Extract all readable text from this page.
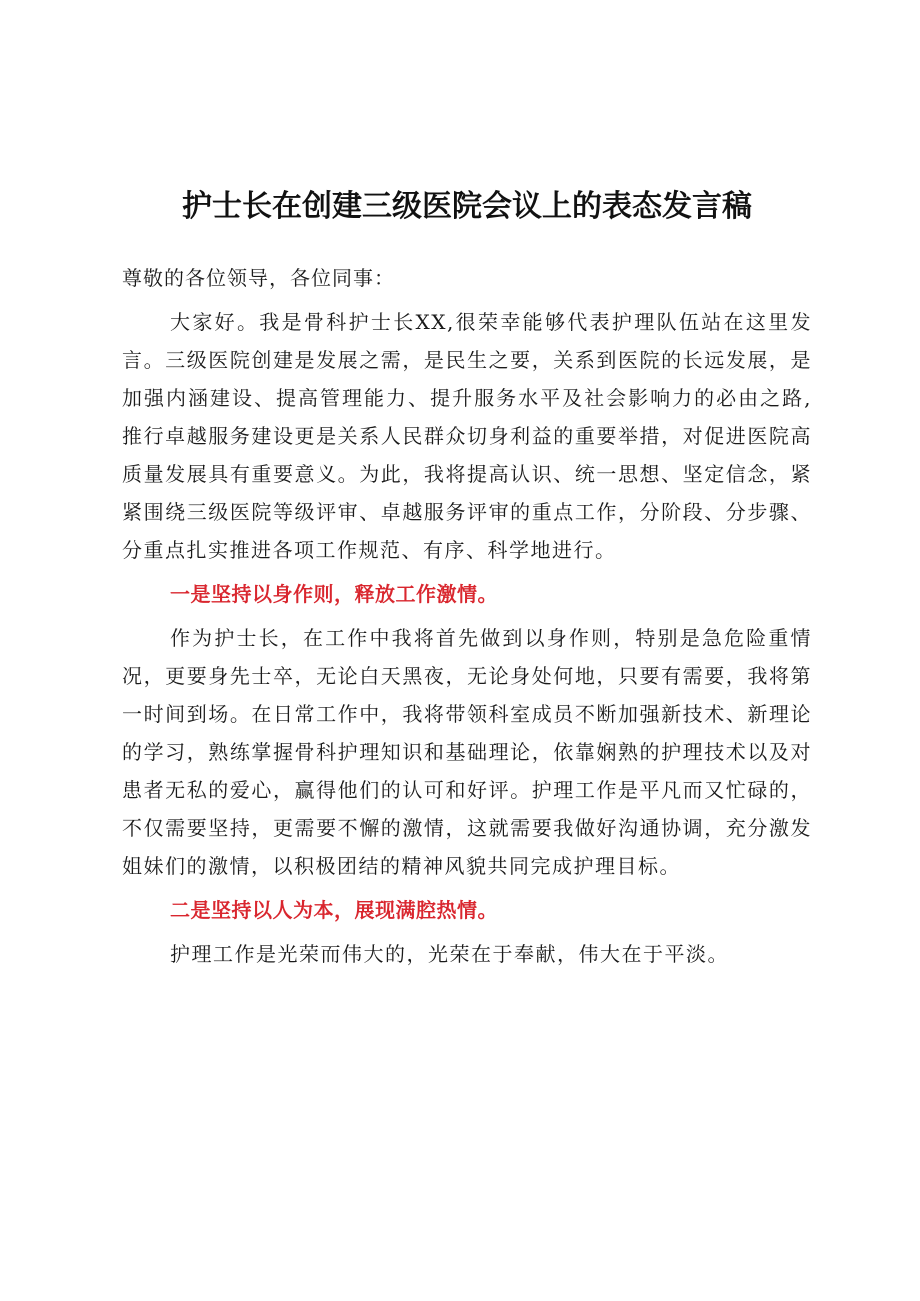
护士长在创建三级医院会议上的表态发言稿

尊敬的各位领导，各位同事：

大家好。我是骨科护士长XX,很荣幸能够代表护理队伍站在这里发言。三级医院创建是发展之需，是民生之要，关系到医院的长远发展，是加强内涵建设、提高管理能力、提升服务水平及社会影响力的必由之路,推行卓越服务建设更是关系人民群众切身利益的重要举措，对促进医院高质量发展具有重要意义。为此，我将提高认识、统一思想、坚定信念，紧紧围绕三级医院等级评审、卓越服务评审的重点工作，分阶段、分步骤、分重点扎实推进各项工作规范、有序、科学地进行。

一是坚持以身作则，释放工作激情。

作为护士长，在工作中我将首先做到以身作则，特别是急危险重情况，更要身先士卒，无论白天黑夜，无论身处何地，只要有需要，我将第一时间到场。在日常工作中，我将带领科室成员不断加强新技术、新理论的学习，熟练掌握骨科护理知识和基础理论，依靠娴熟的护理技术以及对患者无私的爱心，赢得他们的认可和好评。护理工作是平凡而又忙碌的，不仅需要坚持，更需要不懈的激情，这就需要我做好沟通协调，充分激发姐妹们的激情，以积极团结的精神风貌共同完成护理目标。

二是坚持以人为本，展现满腔热情。

护理工作是光荣而伟大的，光荣在于奉献，伟大在于平淡。
